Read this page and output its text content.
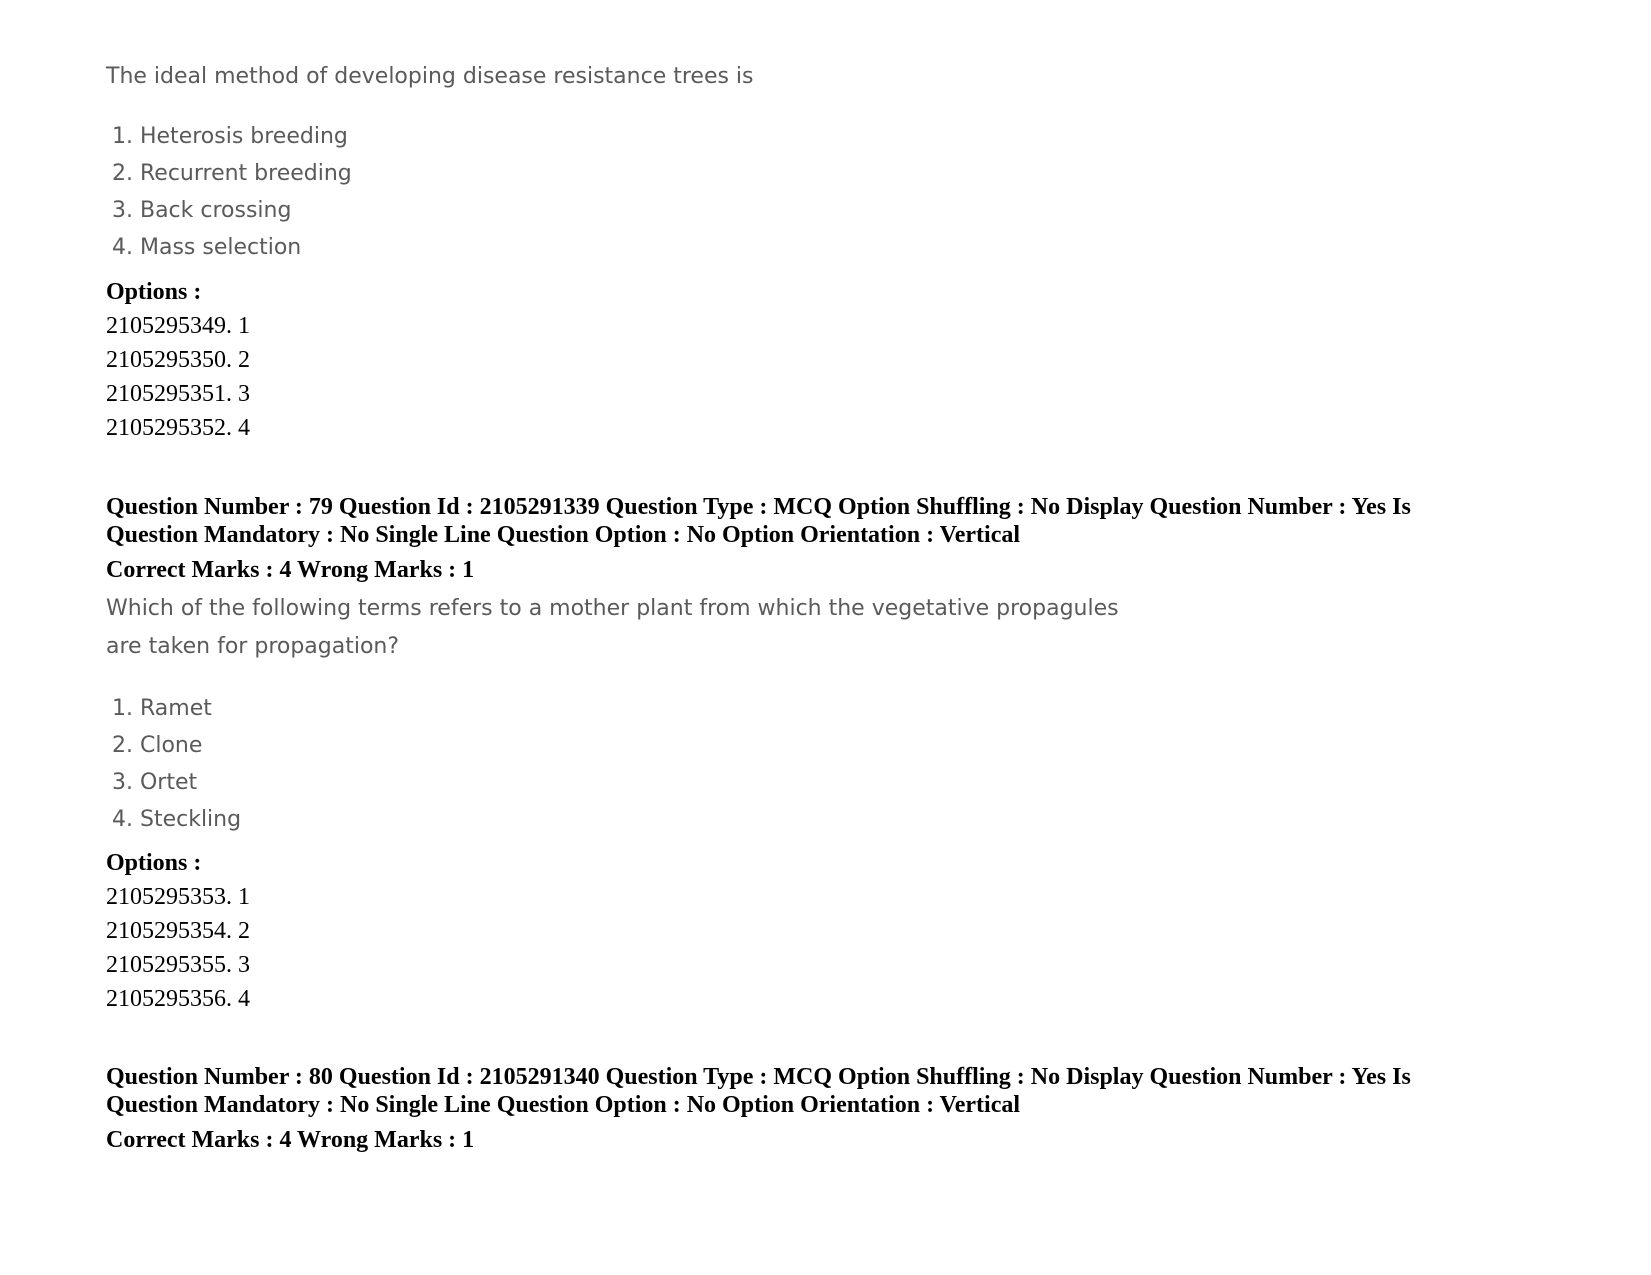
The ideal method of developing disease resistance trees is
1. Heterosis breeding
2. Recurrent breeding
3. Back crossing
4. Mass selection
Options :
2105295349. 1
2105295350. 2
2105295351. 3
2105295352. 4
Question Number : 79 Question Id : 2105291339 Question Type : MCQ Option Shuffling : No Display Question Number : Yes Is
Question Mandatory : No Single Line Question Option : No Option Orientation : Vertical
Correct Marks : 4 Wrong Marks : 1
Which of the following terms refers to a mother plant from which the vegetative propagules
are taken for propagation?
1. Ramet
2. Clone
3. Ortet
4. Steckling
Options :
2105295353. 1
2105295354. 2
2105295355. 3
2105295356. 4
Question Number : 80 Question Id : 2105291340 Question Type : MCQ Option Shuffling : No Display Question Number : Yes Is
Question Mandatory : No Single Line Question Option : No Option Orientation : Vertical
Correct Marks : 4 Wrong Marks : 1
